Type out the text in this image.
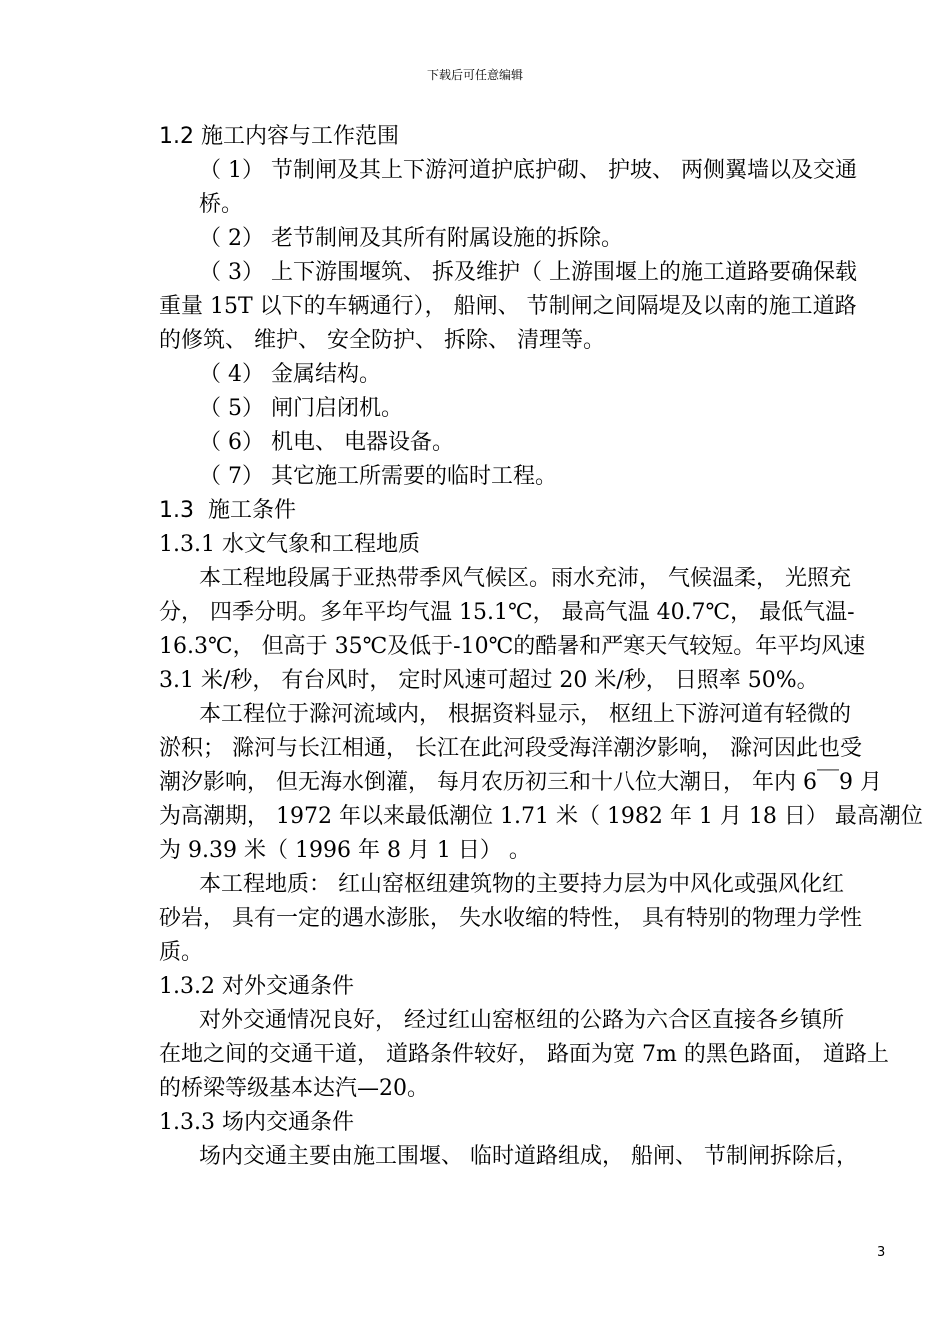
下载后可任意编辑
1.2 施工内容与工作范围
（ 1） 节制闸及其上下游河道护底护砌、 护坡、 两侧翼墙以及交通
桥。
（ 2） 老节制闸及其所有附属设施的拆除。
（ 3） 上下游围堰筑、 拆及维护（ 上游围堰上的施工道路要确保载
重量 15T 以下的车辆通行）， 船闸、 节制闸之间隔堤及以南的施工道路
的修筑、 维护、 安全防护、 拆除、 清理等。
（ 4） 金属结构。
（ 5） 闸门启闭机。
（ 6） 机电、 电器设备。
（ 7） 其它施工所需要的临时工程。
1.3  施工条件
1.3.1 水文气象和工程地质
本工程地段属于亚热带季风气候区。雨水充沛， 气候温柔， 光照充
分， 四季分明。多年平均气温 15.1℃， 最高气温 40.7℃， 最低气温-
16.3℃， 但高于 35℃及低于-10℃的酷暑和严寒天气较短。年平均风速
3.1 米/秒， 有台风时， 定时风速可超过 20 米/秒， 日照率 50%。
本工程位于滁河流域内， 根据资料显示， 枢纽上下游河道有轻微的
淤积； 滁河与长江相通， 长江在此河段受海洋潮汐影响， 滁河因此也受
潮汐影响， 但无海水倒灌， 每月农历初三和十八位大潮日， 年内 6￣9 月
为高潮期， 1972 年以来最低潮位 1.71 米（ 1982 年 1 月 18 日） 最高潮位
为 9.39 米（ 1996 年 8 月 1 日） 。
本工程地质： 红山窑枢纽建筑物的主要持力层为中风化或强风化红
砂岩， 具有一定的遇水澎胀， 失水收缩的特性， 具有特别的物理力学性
质。
1.3.2 对外交通条件
对外交通情况良好， 经过红山窑枢纽的公路为六合区直接各乡镇所
在地之间的交通干道， 道路条件较好， 路面为宽 7m 的黑色路面， 道路上
的桥梁等级基本达汽—20。
1.3.3 场内交通条件
场内交通主要由施工围堰、 临时道路组成， 船闸、 节制闸拆除后，
3
